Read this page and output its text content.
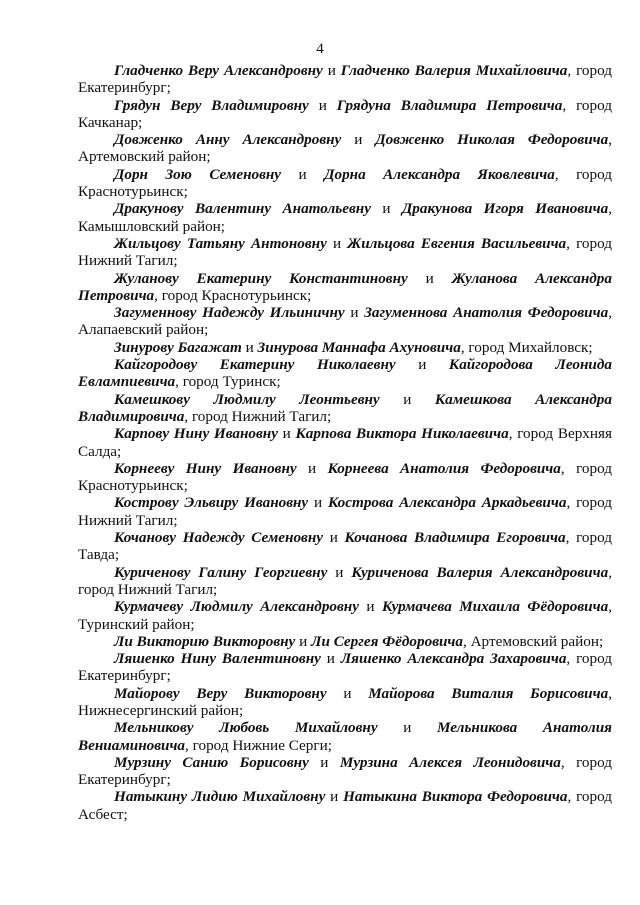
4

Гладченко Веру Александровну и Гладченко Валерия Михайловича, город Екатеринбург;

Грядун Веру Владимировну и Грядуна Владимира Петровича, город Качканар;

Довженко Анну Александровну и Довженко Николая Федоровича, Артемовский район;

Дорн Зою Семеновну и Дорна Александра Яковлевича, город Краснотурьинск;

Дракунову Валентину Анатольевну и Дракунова Игоря Ивановича, Камышловский район;

Жильцову Татьяну Антоновну и Жильцова Евгения Васильевича, город Нижний Тагил;

Жуланову Екатерину Константиновну и Жуланова Александра Петровича, город Краснотурьинск;

Загуменнову Надежду Ильиничну и Загуменнова Анатолия Федоровича, Алапаевский район;

Зинурову Багажат и Зинурова Маннафа Ахуновича, город Михайловск;

Кайгородову Екатерину Николаевну и Кайгородова Леонида Евлампиевича, город Туринск;

Камешкову Людмилу Леонтьевну и Камешкова Александра Владимировича, город Нижний Тагил;

Карпову Нину Ивановну и Карпова Виктора Николаевича, город Верхняя Салда;

Корнееву Нину Ивановну и Корнеева Анатолия Федоровича, город Краснотурьинск;

Кострову Эльвиру Ивановну и Кострова Александра Аркадьевича, город Нижний Тагил;

Кочанову Надежду Семеновну и Кочанова Владимира Егоровича, город Тавда;

Куриченову Галину Георгиевну и Куриченова Валерия Александровича, город Нижний Тагил;

Курмачеву Людмилу Александровну и Курмачева Михаила Фёдоровича, Туринский район;

Ли Викторию Викторовну и Ли Сергея Фёдоровича, Артемовский район;

Ляшенко Нину Валентиновну и Ляшенко Александра Захаровича, город Екатеринбург;

Майорову Веру Викторовну и Майорова Виталия Борисовича, Нижнесергинский район;

Мельникову Любовь Михайловну и Мельникова Анатолия Вениаминовича, город Нижние Серги;

Мурзину Санию Борисовну и Мурзина Алексея Леонидовича, город Екатеринбург;

Натыкину Лидию Михайловну и Натыкина Виктора Федоровича, город Асбест;
